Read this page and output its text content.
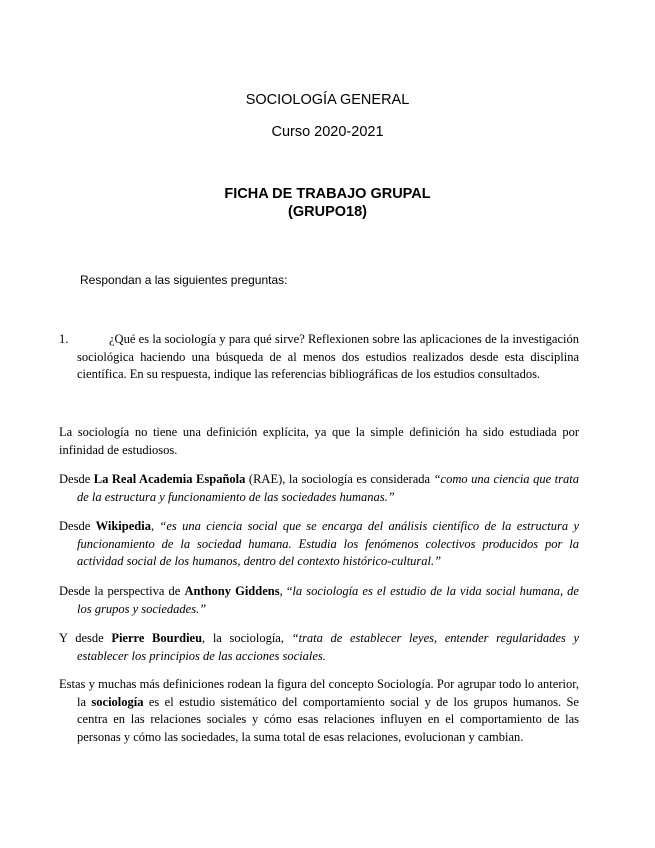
SOCIOLOGÍA GENERAL
Curso 2020-2021
FICHA DE TRABAJO GRUPAL
(GRUPO18)
Respondan a las siguientes preguntas:
1.	¿Qué es la sociología y para qué sirve? Reflexionen sobre las aplicaciones de la investigación sociológica haciendo una búsqueda de al menos dos estudios realizados desde esta disciplina científica. En su respuesta, indique las referencias bibliográficas de los estudios consultados.
La sociología no tiene una definición explícita, ya que la simple definición ha sido estudiada por infinidad de estudiosos.
Desde La Real Academia Española (RAE), la sociología es considerada “como una ciencia que trata de la estructura y funcionamiento de las sociedades humanas.”
Desde Wikipedia, “es una ciencia social que se encarga del análisis científico de la estructura y funcionamiento de la sociedad humana. Estudia los fenómenos colectivos producidos por la actividad social de los humanos, dentro del contexto histórico-cultural.”
Desde la perspectiva de Anthony Giddens, “la sociología es el estudio de la vida social humana, de los grupos y sociedades.”
Y desde Pierre Bourdieu, la sociología, “trata de establecer leyes, entender regularidades y establecer los principios de las acciones sociales.
Estas y muchas más definiciones rodean la figura del concepto Sociología. Por agrupar todo lo anterior, la sociología es el estudio sistemático del comportamiento social y de los grupos humanos. Se centra en las relaciones sociales y cómo esas relaciones influyen en el comportamiento de las personas y cómo las sociedades, la suma total de esas relaciones, evolucionan y cambian.
